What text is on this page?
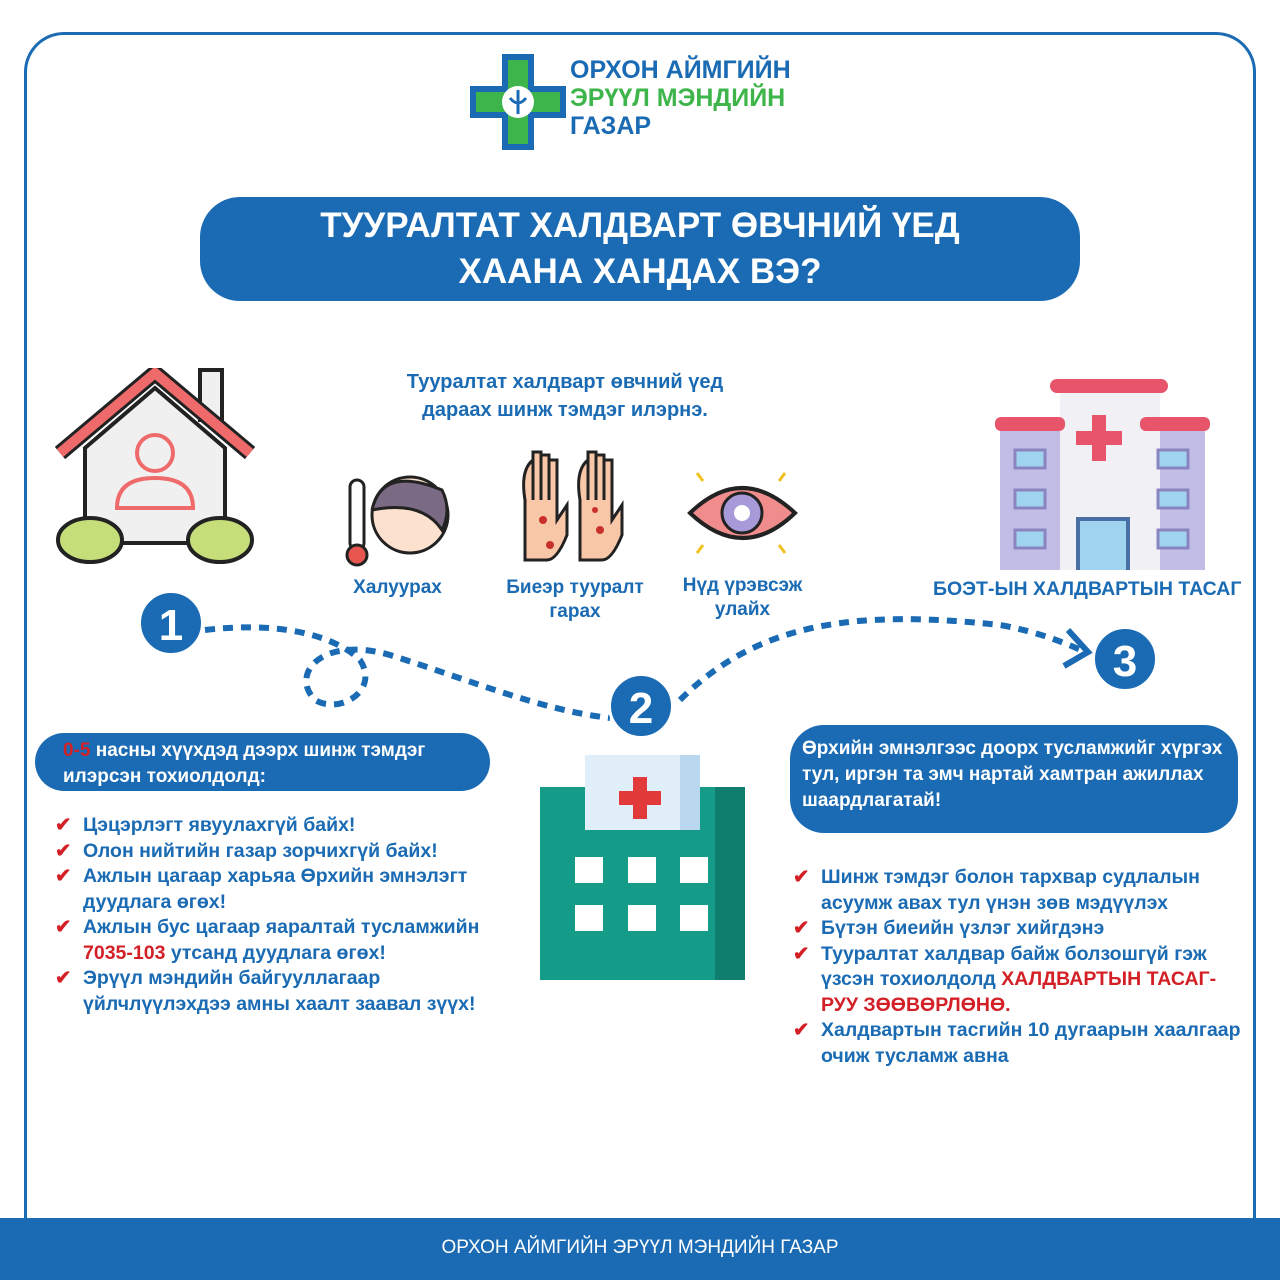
ОРХОН АЙМГИЙН
ЭРҮҮЛ МЭНДИЙН
ГАЗАР
ТУУРАЛТАТ ХАЛДВАРТ ӨВЧНИЙ ҮЕД
ХААНА ХАНДАХ ВЭ?
Тууралтат халдварт өвчний үед
дараах шинж тэмдэг илэрнэ.
Халуурах	Биеэр тууралт гарах
Нүд үрэвсэж улайх
БОЭТ-ЫН ХАЛДВАРТЫН ТАСАГ
1
2
3
0-5 насны хүүхдэд дээрх шинж тэмдэг илэрсэн тохиолдолд:
✔ Цэцэрлэгт явуулахгүй байх!
✔ Олон нийтийн газар зорчихгүй байх!
✔ Ажлын цагаар харьяа Өрхийн эмнэлэгт дуудлага өгөх!
✔ Ажлын бус цагаар яаралтай тусламжийн 7035-103 утсанд дуудлага өгөх!
✔ Эрүүл мэндийн байгууллагаар үйлчлүүлэхдээ амны хаалт заавал зүүх!
Өрхийн эмнэлгээс доорх тусламжийг хүргэх тул, иргэн та эмч нартай хамтран ажиллах шаардлагатай!
✔ Шинж тэмдэг болон тархвар судлалын асуумж авах тул үнэн зөв мэдүүлэх
✔ Бүтэн биеийн үзлэг хийгдэнэ
✔ Тууралтат халдвар байж болзошгүй гэж үзсэн тохиолдолд ХАЛДВАРТЫН ТАСАГ-РУУ ЗӨӨВӨРЛӨНӨ.
✔ Халдвартын тасгийн 10 дугаарын хаалгаар очиж тусламж авна
ОРХОН АЙМГИЙН ЭРҮҮЛ МЭНДИЙН ГАЗАР
